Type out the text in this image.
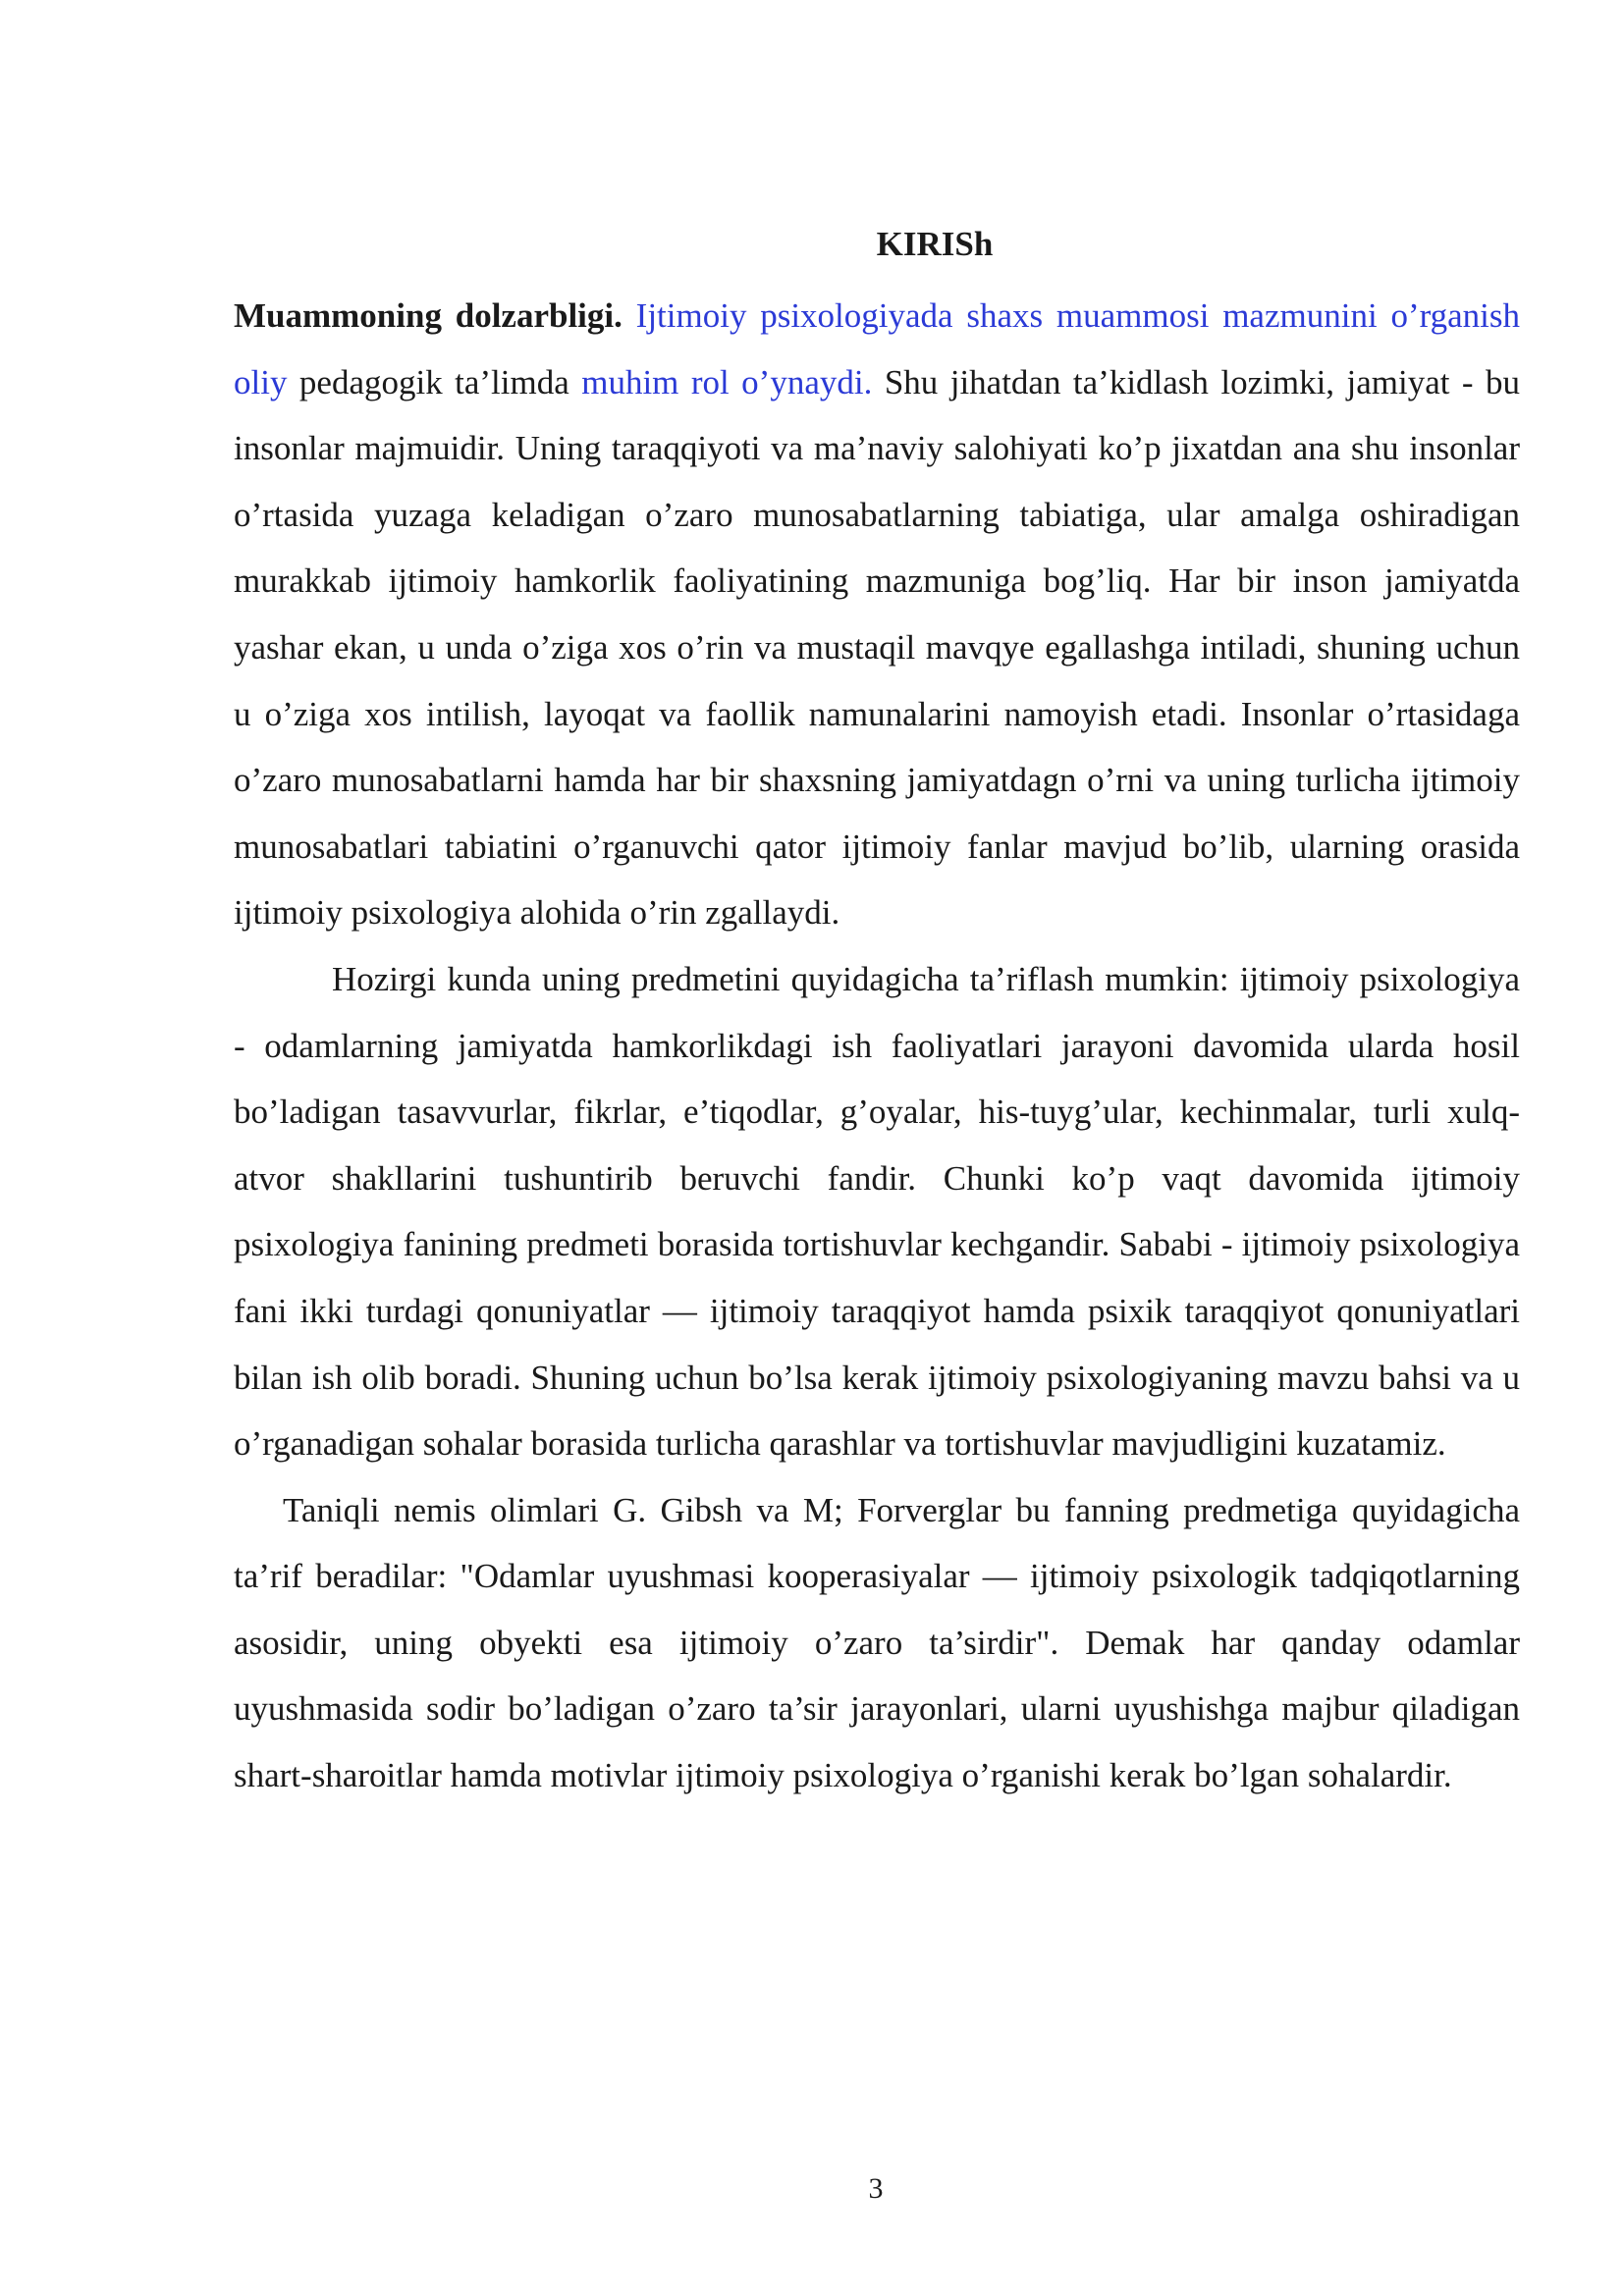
KIRISh

Muammoning dolzarbligi. Ijtimoiy psixologiyada shaxs muammosi mazmunini o’rganish oliy pedagogik ta’limda muhim rol o’ynaydi. Shu jihatdan ta’kidlash lozimki, jamiyat - bu insonlar majmuidir. Uning taraqqiyoti va ma’naviy salohiyati ko’p jixatdan ana shu insonlar o’rtasida yuzaga keladigan o’zaro munosabatlarning tabiatiga, ular amalga oshiradigan murakkab ijtimoiy hamkorlik faoliyatining mazmuniga bog’liq. Har bir inson jamiyatda yashar ekan, u unda o’ziga xos o’rin va mustaqil mavqye egallashga intiladi, shuning uchun u o’ziga xos intilish, layoqat va faollik namunalarini namoyish etadi. Insonlar o’rtasidaga o’zaro munosabatlarni hamda har bir shaxsning jamiyatdagn o’rni va uning turlicha ijtimoiy munosabatlari tabiatini o’rganuvchi qator ijtimoiy fanlar mavjud bo’lib, ularning orasida ijtimoiy psixologiya alohida o’rin zgallaydi.

Hozirgi kunda uning predmetini quyidagicha ta’riflash mumkin: ijtimoiy psixologiya - odamlarning jamiyatda hamkorlikdagi ish faoliyatlari jarayoni davomida ularda hosil bo’ladigan tasavvurlar, fikrlar, e’tiqodlar, g’oyalar, his-tuyg’ular, kechinmalar, turli xulq-atvor shakllarini tushuntirib beruvchi fandir. Chunki ko’p vaqt davomida ijtimoiy psixologiya fanining predmeti borasida tortishuvlar kechgandir. Sababi - ijtimoiy psixologiya fani ikki turdagi qonuniyatlar — ijtimoiy taraqqiyot hamda psixik taraqqiyot qonuniyatlari bilan ish olib boradi. Shuning uchun bo’lsa kerak ijtimoiy psixologiyaning mavzu bahsi va u o’rganadigan sohalar borasida turlicha qarashlar va tortishuvlar mavjudligini kuzatamiz.

Taniqli nemis olimlari G. Gibsh va M; Forverglar bu fanning predmetiga quyidagicha ta’rif beradilar: "Odamlar uyushmasi kooperasiyalar — ijtimoiy psixologik tadqiqotlarning asosidir, uning obyekti esa ijtimoiy o’zaro ta’sirdir". Demak har qanday odamlar uyushmasida sodir bo’ladigan o’zaro ta’sir jarayonlari, ularni uyushishga majbur qiladigan shart-sharoitlar hamda motivlar ijtimoiy psixologiya o’rganishi kerak bo’lgan sohalardir.

3
